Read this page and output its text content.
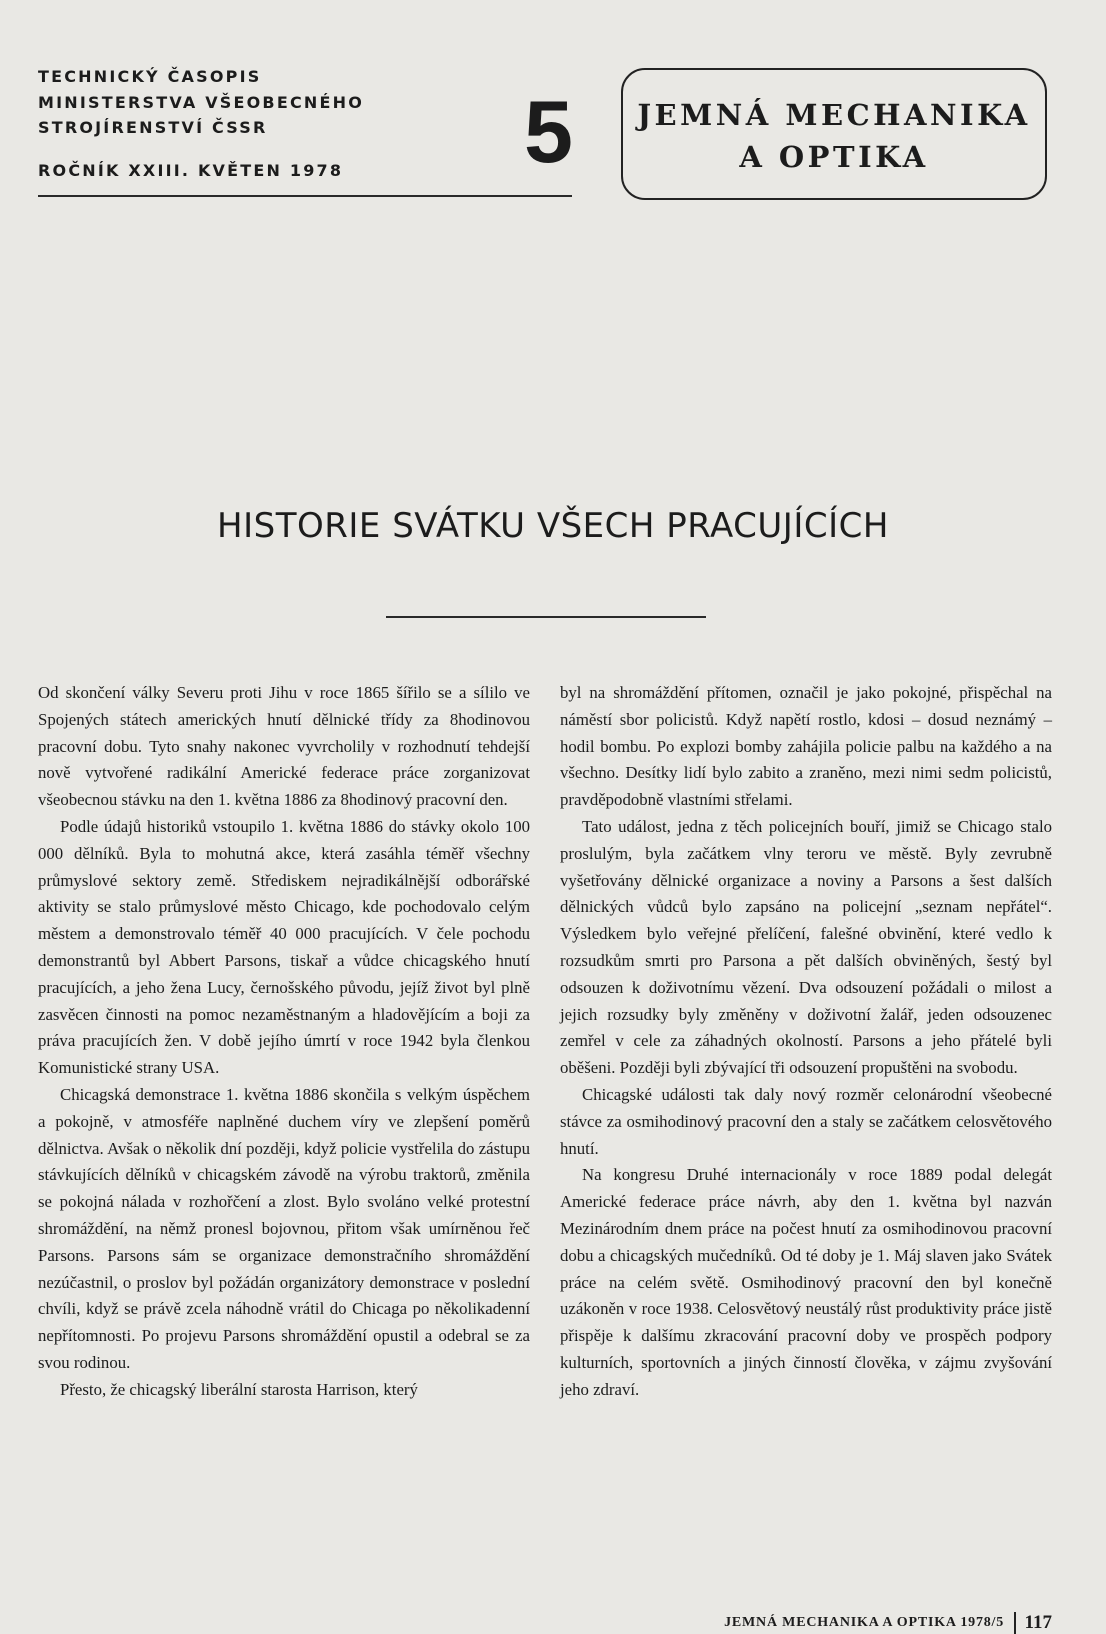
TECHNICKÝ ČASOPIS
MINISTERSTVA VŠEOBECNÉHO
STROJÍRENSTVÍ ČSSR
ROČNÍK XXIII. KVĚTEN 1978 5	JEMNÁ MECHANIKA
A OPTIKA
HISTORIE SVÁTKU VŠECH PRACUJÍCÍCH

Od skončení války Severu proti Jihu v roce 1865 šířilo se a sílilo ve Spojených státech amerických hnutí dělnické třídy za 8hodinovou pracovní dobu. Tyto snahy nakonec vyvrcholily v rozhodnutí tehdejší nově vytvořené radikální Americké federace práce zorganizovat všeobecnou stávku na den 1. května 1886 za 8hodinový pracovní den.

Podle údajů historiků vstoupilo 1. května 1886 do stávky okolo 100 000 dělníků. Byla to mohutná akce, která zasáhla téměř všechny průmyslové sektory země. Střediskem nejradikálnější odborářské aktivity se stalo průmyslové město Chicago, kde pochodovalo celým městem a demonstrovalo téměř 40 000 pracujících. V čele pochodu demonstrantů byl Abbert Parsons, tiskař a vůdce chicagského hnutí pracujících, a jeho žena Lucy, černošského původu, jejíž život byl plně zasvěcen činnosti na pomoc nezaměstnaným a hladovějícím a boji za práva pracujících žen. V době jejího úmrtí v roce 1942 byla členkou Komunistické strany USA.

Chicagská demonstrace 1. května 1886 skončila s velkým úspěchem a pokojně, v atmosféře naplněné duchem víry ve zlepšení poměrů dělnictva. Avšak o několik dní později, když policie vystřelila do zástupu stávkujících dělníků v chicagském závodě na výrobu traktorů, změnila se pokojná nálada v rozhořčení a zlost. Bylo svoláno velké protestní shromáždění, na němž pronesl bojovnou, přitom však umírněnou řeč Parsons. Parsons sám se organizace demonstračního shromáždění nezúčastnil, o proslov byl požádán organizátory demonstrace v poslední chvíli, když se právě zcela náhodně vrátil do Chicaga po několikadenní nepřítomnosti. Po projevu Parsons shromáždění opustil a odebral se za svou rodinou.

Přesto, že chicagský liberální starosta Harrison, který

byl na shromáždění přítomen, označil je jako pokojné, přispěchal na náměstí sbor policistů. Když napětí rostlo, kdosi – dosud neznámý – hodil bombu. Po explozi bomby zahájila policie palbu na každého a na všechno. Desítky lidí bylo zabito a zraněno, mezi nimi sedm policistů, pravděpodobně vlastními střelami.

Tato událost, jedna z těch policejních bouří, jimiž se Chicago stalo proslulým, byla začátkem vlny teroru ve městě. Byly zevrubně vyšetřovány dělnické organizace a noviny a Parsons a šest dalších dělnických vůdců bylo zapsáno na policejní „seznam nepřátel“. Výsledkem bylo veřejné přelíčení, falešné obvinění, které vedlo k rozsudkům smrti pro Parsona a pět dalších obviněných, šestý byl odsouzen k doživotnímu vězení. Dva odsouzení požádali o milost a jejich rozsudky byly změněny v doživotní žalář, jeden odsouzenec zemřel v cele za záhadných okolností. Parsons a jeho přátelé byli oběšeni. Později byli zbývající tři odsouzení propuštěni na svobodu.

Chicagské události tak daly nový rozměr celonárodní všeobecné stávce za osmihodinový pracovní den a staly se začátkem celosvětového hnutí.

Na kongresu Druhé internacionály v roce 1889 podal delegát Americké federace práce návrh, aby den 1. května byl nazván Mezinárodním dnem práce na počest hnutí za osmihodinovou pracovní dobu a chicagských mučedníků. Od té doby je 1. Máj slaven jako Svátek práce na celém světě. Osmihodinový pracovní den byl konečně uzákoněn v roce 1938. Celosvětový neustálý růst produktivity práce jistě přispěje k dalšímu zkracování pracovní doby ve prospěch podpory kulturních, sportovních a jiných činností člověka, v zájmu zvyšování jeho zdraví.

JEMNÁ MECHANIKA A OPTIKA 1978/5 117
